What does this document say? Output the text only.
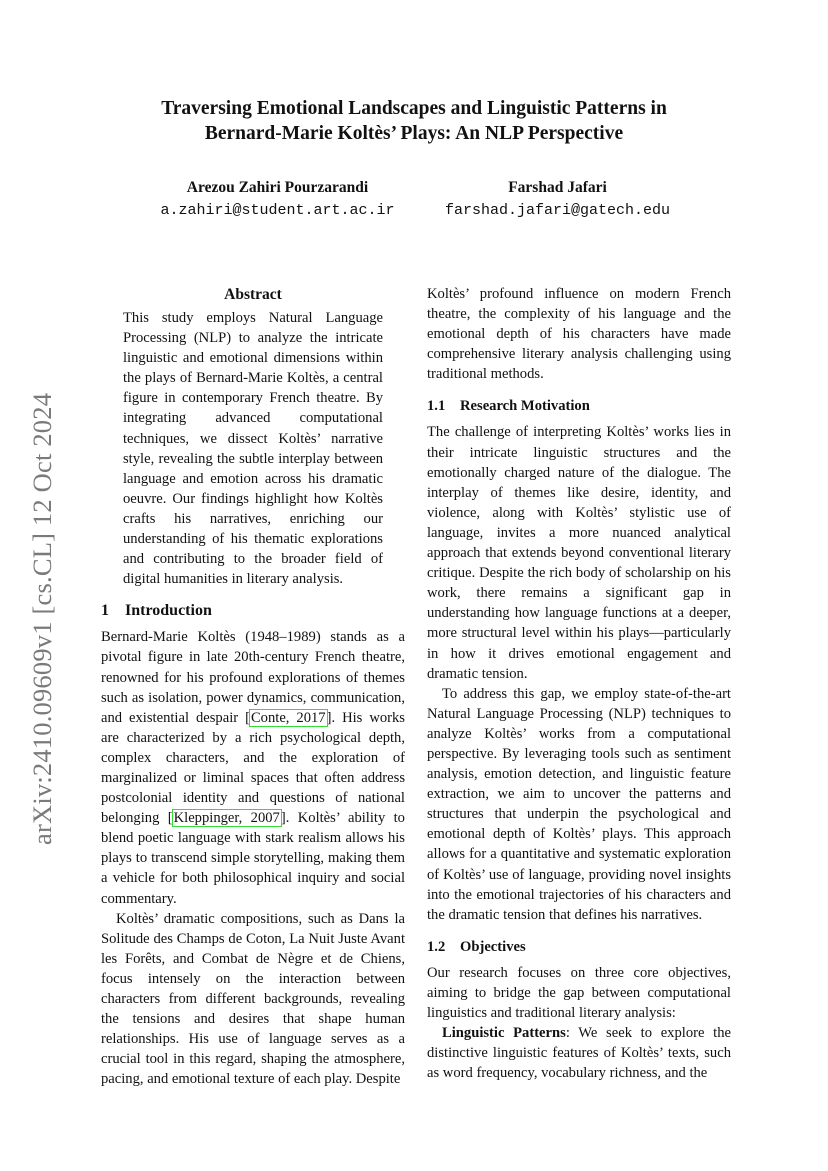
arXiv:2410.09609v1 [cs.CL] 12 Oct 2024
Traversing Emotional Landscapes and Linguistic Patterns in
Bernard-Marie Koltès’ Plays: An NLP Perspective
Arezou Zahiri Pourzarandi
a.zahiri@student.art.ac.ir
Farshad Jafari
farshad.jafari@gatech.edu
Abstract

This study employs Natural Language Processing (NLP) to analyze the intricate linguistic and emotional dimensions within the plays of Bernard-Marie Koltès, a central figure in contemporary French theatre. By integrating advanced computational techniques, we dissect Koltès’ narrative style, revealing the subtle interplay between language and emotion across his dramatic oeuvre. Our findings highlight how Koltès crafts his narratives, enriching our understanding of his thematic explorations and contributing to the broader field of digital humanities in literary analysis.

1 Introduction

Bernard-Marie Koltès (1948–1989) stands as a pivotal figure in late 20th-century French theatre, renowned for his profound explorations of themes such as isolation, power dynamics, communication, and existential despair [Conte, 2017]. His works are characterized by a rich psychological depth, complex characters, and the exploration of marginalized or liminal spaces that often address postcolonial identity and questions of national belonging [Kleppinger, 2007]. Koltès’ ability to blend poetic language with stark realism allows his plays to transcend simple storytelling, making them a vehicle for both philosophical inquiry and social commentary.

Koltès’ dramatic compositions, such as Dans la Solitude des Champs de Coton, La Nuit Juste Avant les Forêts, and Combat de Nègre et de Chiens, focus intensely on the interaction between characters from different backgrounds, revealing the tensions and desires that shape human relationships. His use of language serves as a crucial tool in this regard, shaping the atmosphere, pacing, and emotional texture of each play. Despite

Koltès’ profound influence on modern French theatre, the complexity of his language and the emotional depth of his characters have made comprehensive literary analysis challenging using traditional methods.

1.1 Research Motivation

The challenge of interpreting Koltès’ works lies in their intricate linguistic structures and the emotionally charged nature of the dialogue. The interplay of themes like desire, identity, and violence, along with Koltès’ stylistic use of language, invites a more nuanced analytical approach that extends beyond conventional literary critique. Despite the rich body of scholarship on his work, there remains a significant gap in understanding how language functions at a deeper, more structural level within his plays—particularly in how it drives emotional engagement and dramatic tension.

To address this gap, we employ state-of-the-art Natural Language Processing (NLP) techniques to analyze Koltès’ works from a computational perspective. By leveraging tools such as sentiment analysis, emotion detection, and linguistic feature extraction, we aim to uncover the patterns and structures that underpin the psychological and emotional depth of Koltès’ plays. This approach allows for a quantitative and systematic exploration of Koltès’ use of language, providing novel insights into the emotional trajectories of his characters and the dramatic tension that defines his narratives.

1.2 Objectives

Our research focuses on three core objectives, aiming to bridge the gap between computational linguistics and traditional literary analysis:

Linguistic Patterns: We seek to explore the distinctive linguistic features of Koltès’ texts, such as word frequency, vocabulary richness, and the
